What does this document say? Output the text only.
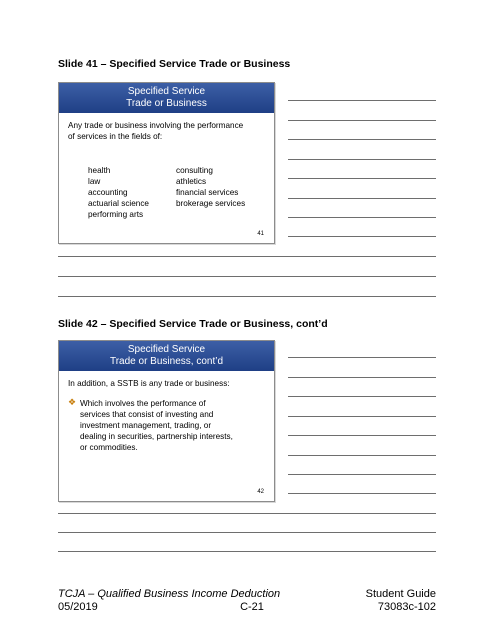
Slide 41 – Specified Service Trade or Business
Specified Service
Trade or Business
Any trade or business involving the performance
of services in the fields of:
health
law
accounting
actuarial science
performing arts
consulting
athletics
financial services
brokerage services
41
Slide 42 – Specified Service Trade or Business, cont’d
Specified Service
Trade or Business, cont’d
In addition, a SSTB is any trade or business:
❖ Which involves the performance of
services that consist of investing and
investment management, trading, or
dealing in securities, partnership interests,
or commodities.
42
TCJA – Qualified Business Income Deduction
05/2019	C-21
Student Guide
73083c-102
